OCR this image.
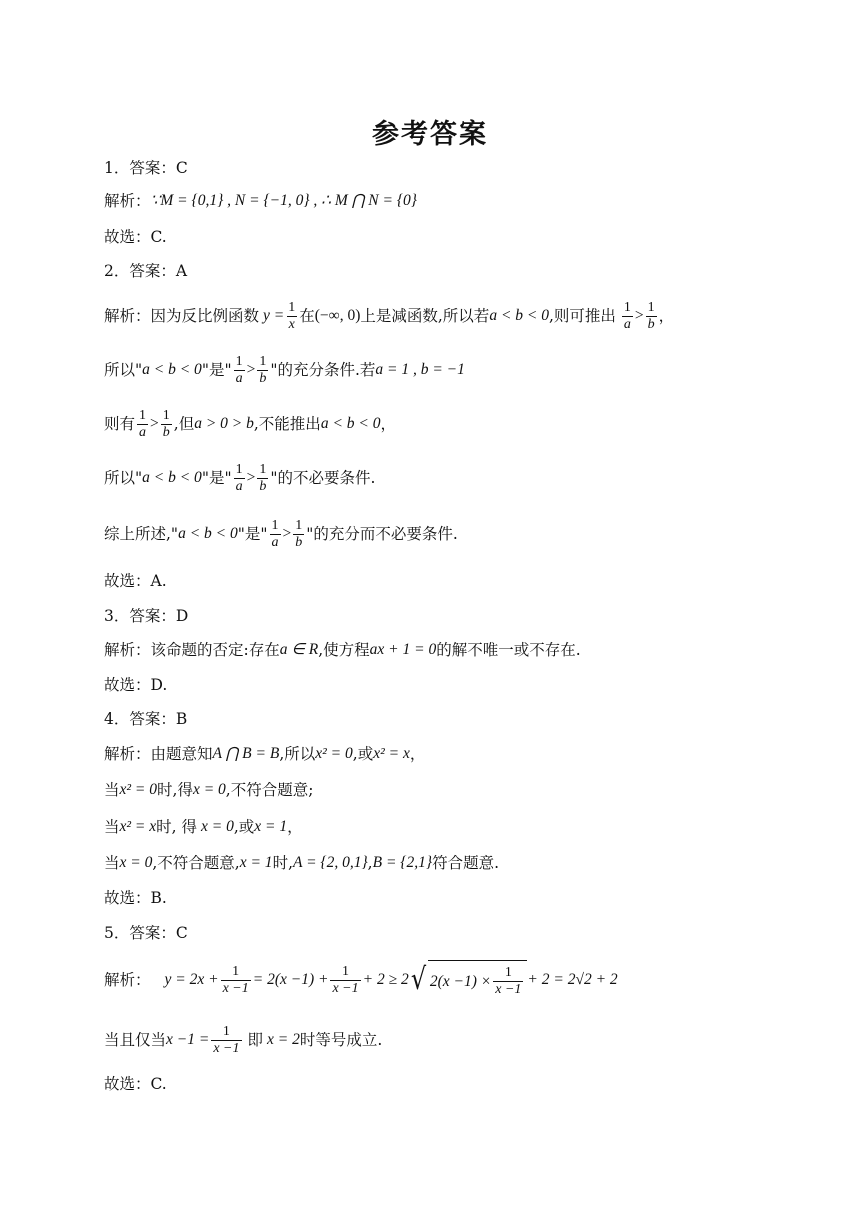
参考答案
1．答案：C
解析： ∵M = {0,1} , N = {−1, 0} , ∴ M ⋂ N = {0}
故选：C.
2．答案：A
解析：因为反比例函数 $y = \frac{1}{x}$ 在 (−∞, 0) 上是减函数,所以若 a < b < 0 ,则可推出 $\frac{1}{a} > \frac{1}{b}$ ，
所以" a < b < 0 "是" $\frac{1}{a} > \frac{1}{b}$ "的充分条件.若 a = 1 , b = −1
则有 $\frac{1}{a} > \frac{1}{b}$ ,但 a > 0 > b ,不能推出 a < b < 0 ，
所以" a < b < 0 "是" $\frac{1}{a} > \frac{1}{b}$ "的不必要条件.
综上所述," a < b < 0 "是" $\frac{1}{a} > \frac{1}{b}$ "的充分而不必要条件.
故选：A.
3．答案：D
解析：该命题的否定:存在 a ∈ R ,使方程 ax + 1 = 0 的解不唯一或不存在.
故选：D.
4．答案：B
解析：由题意知 A ⋂ B = B ,所以 x² = 0 ,或 x² = x ，
当 x² = 0 时,得 x = 0 ,不符合题意;
当 x² = x 时, 得 x = 0 ,或 x = 1 ，
当 x = 0 ,不符合题意, x = 1 时, A = {2, 0,1} , B = {2,1} 符合题意.
故选：B.
5．答案：C
解析： $y = 2x + \frac{1}{x -1} = 2(x -1) + \frac{1}{x -1} + 2 \ge 2$ √ $2(x -1) \times \frac{1}{x -1} + 2 = 2√2 + 2$
当且仅当 $x -1 = \frac{1}{x -1}$ 即 x = 2 时等号成立.
故选：C.
